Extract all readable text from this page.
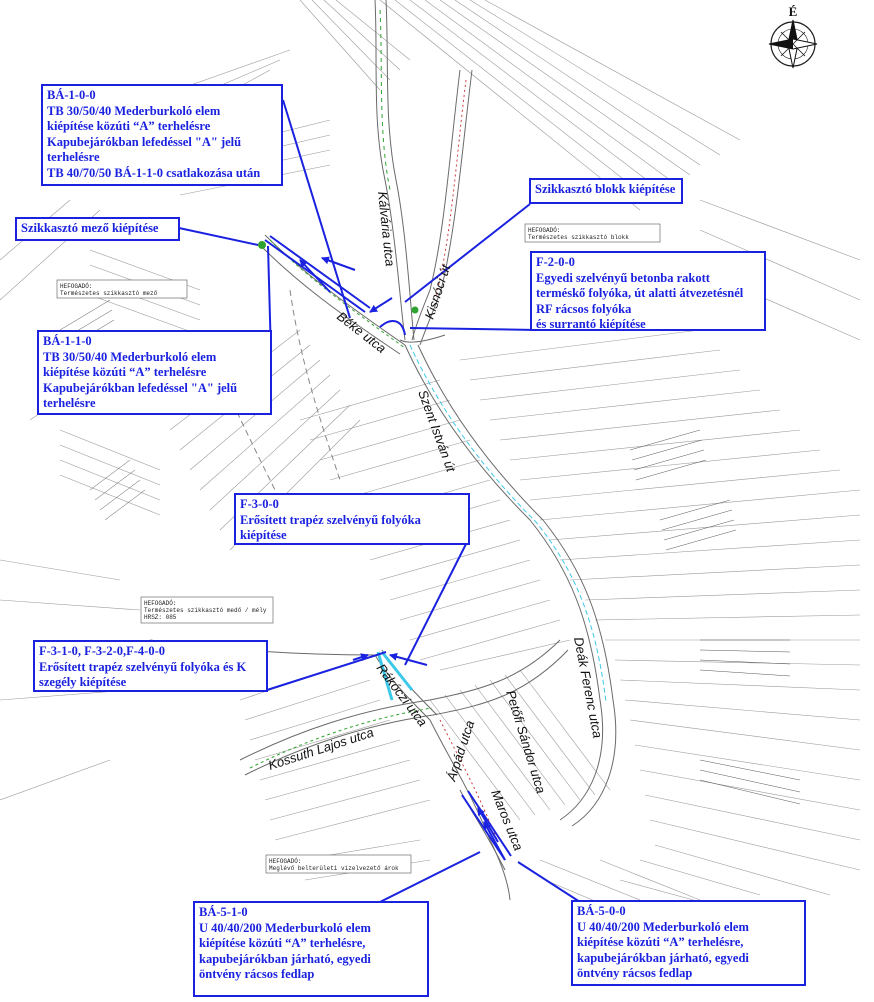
HEFOGADÓ:
Természetes szikkasztó blokk
HEFOGADÓ:
Természetes szikkasztó mező
HEFOGADÓ:
Természetes szikkasztó medő / mély
HRSZ: 085
HEFOGADÓ:
Meglévő belterületi vízelvezető árok
Kálvária utca
Kisnóci út
Béke utca
Szent István út
Deák Ferenc utca
Rákóczi utca	Petőfi Sándor utca
Kossuth Lajos utca	Árpád utca
Maros utca
É
BÁ-1-0-0
TB 30/50/40 Mederburkoló elem
kiépítése közúti “A” terhelésre
Kapubejárókban lefedéssel "A" jelű
terhelésre
TB 40/70/50 BÁ-1-1-0 csatlakozása után
Szikkasztó mező kiépítése
Szikkasztó blokk kiépítése
F-2-0-0
Egyedi szelvényű betonba rakott
terméskő folyóka, út alatti átvezetésnél
RF rácsos folyóka
és surrantó kiépítése
BÁ-1-1-0
TB 30/50/40 Mederburkoló elem
kiépítése közúti “A” terhelésre
Kapubejárókban lefedéssel "A" jelű
terhelésre
F-3-0-0
Erősített trapéz szelvényű folyóka
kiépítése
F-3-1-0, F-3-2-0,F-4-0-0
Erősített trapéz szelvényű folyóka és K
szegély kiépítése
BÁ-5-1-0
U 40/40/200 Mederburkoló elem
kiépítése közúti “A” terhelésre,
kapubejárókban járható, egyedi
öntvény rácsos fedlap
BÁ-5-0-0
U 40/40/200 Mederburkoló elem
kiépítése közúti “A” terhelésre,
kapubejárókban járható, egyedi
öntvény rácsos fedlap
